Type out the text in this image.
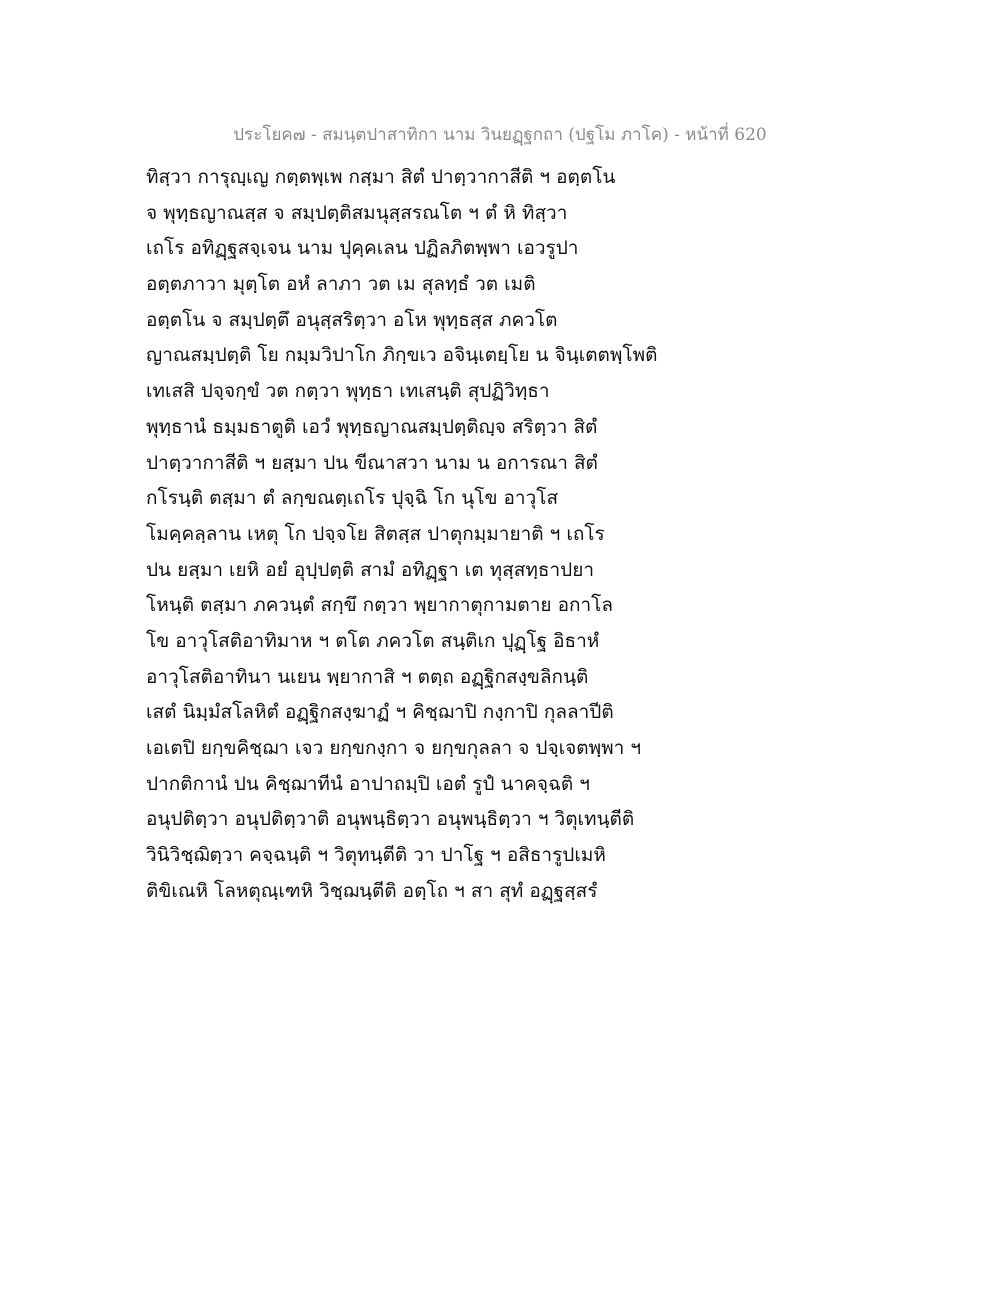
ประโยค๗ - สมนฺตปาสาทิกา นาม วินยฏฺฐกถา (ปฐโม ภาโค) - หน้าที่ 620
ทิสฺวา การุญฺเญ กตฺตพฺเพ กสฺมา สิตํ ปาตฺวากาสีติ ฯ อตฺตโน
จ พุทฺธญาณสฺส จ สมฺปตฺติสมนุสฺสรณโต ฯ ตํ หิ ทิสฺวา
เถโร อทิฏฺฐสจฺเจน นาม ปุคฺคเลน ปฏิลภิตพฺพา เอวรูปา
อตฺตภาวา มุตฺโต อหํ ลาภา วต เม สุลทฺธํ วต เมติ
อตฺตโน จ สมฺปตฺตึ อนุสฺสริตฺวา อโห พุทฺธสฺส ภควโต
ญาณสมฺปตฺติ โย กมฺมวิปาโก ภิกฺขเว อจินฺเตยฺโย น จินฺเตตพฺโพติ
เทเสสิ ปจฺจกฺขํ วต กตฺวา พุทฺธา เทเสนฺติ สุปฏิวิทฺธา
พุทฺธานํ ธมฺมธาตูติ เอวํ พุทฺธญาณสมฺปตฺติญฺจ สริตฺวา สิตํ
ปาตฺวากาสีติ ฯ ยสฺมา ปน ขีณาสวา นาม น อการณา สิตํ
กโรนฺติ ตสฺมา ตํ ลกฺขณตฺเถโร ปุจฺฉิ โก นุโข อาวุโส
โมคฺคลฺลาน เหตุ โก ปจฺจโย สิตสฺส ปาตุกมฺมายาติ ฯ เถโร
ปน ยสฺมา เยหิ อยํ อุปฺปตฺติ สามํ อทิฏฺฐา เต ทุสฺสทฺธาปยา
โหนฺติ ตสฺมา ภควนฺตํ สกฺขึ กตฺวา พฺยากาตุกามตาย อกาโล
โข อาวุโสติอาทิมาห ฯ ตโต ภควโต สนฺติเก ปุฏฺโฐ อิธาหํ
อาวุโสติอาทินา นเยน พฺยากาสิ ฯ ตตฺถ อฏฺฐิกสงฺขลิกนฺติ
เสตํ นิมฺมํสโลหิตํ อฏฺฐิกสงฺฆาฏํ ฯ คิชฺฌาปิ กงฺกาปิ กุลลาปีติ
เอเตปิ ยกฺขคิชฺฌา เจว ยกฺขกงฺกา จ ยกฺขกุลลา จ ปจฺเจตพฺพา ฯ
ปากติกานํ ปน คิชฺฌาทีนํ อาปาถมฺปิ เอตํ รูปํ นาคจฺฉติ ฯ
อนุปติตฺวา อนุปติตฺวาติ อนุพนฺธิตฺวา อนุพนฺธิตฺวา ฯ วิตุเทนฺตีติ
วินิวิชฺฌิตฺวา คจฺฉนฺติ ฯ วิตุทนฺตีติ วา ปาโฐ ฯ อสิธารูปเมหิ
ติขิเณหิ โลหตุณฺเฑหิ วิชฺฌนฺตีติ อตฺโถ ฯ สา สุทํ อฏฺฐสฺสรํ
